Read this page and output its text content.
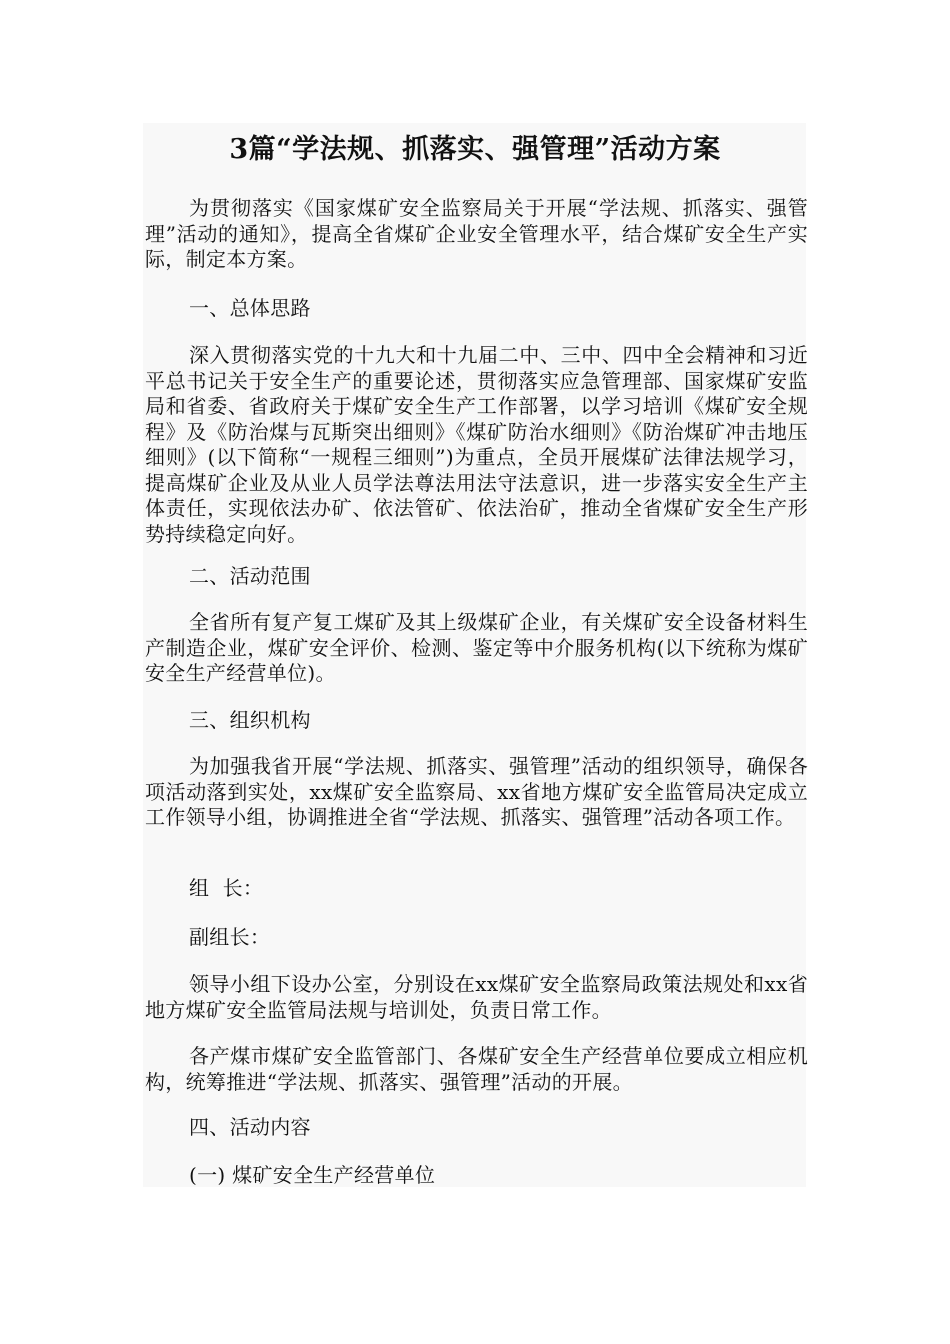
3篇“学法规、抓落实、强管理”活动方案

为贯彻落实《国家煤矿安全监察局关于开展“学法规、抓落实、强管理”活动的通知》，提高全省煤矿企业安全管理水平，结合煤矿安全生产实际，制定本方案。

一、总体思路

深入贯彻落实党的十九大和十九届二中、三中、四中全会精神和习近平总书记关于安全生产的重要论述，贯彻落实应急管理部、国家煤矿安监局和省委、省政府关于煤矿安全生产工作部署，以学习培训《煤矿安全规程》及《防治煤与瓦斯突出细则》《煤矿防治水细则》《防治煤矿冲击地压细则》(以下简称“一规程三细则”)为重点，全员开展煤矿法律法规学习，提高煤矿企业及从业人员学法尊法用法守法意识，进一步落实安全生产主体责任，实现依法办矿、依法管矿、依法治矿，推动全省煤矿安全生产形势持续稳定向好。

二、活动范围

全省所有复产复工煤矿及其上级煤矿企业，有关煤矿安全设备材料生产制造企业，煤矿安全评价、检测、鉴定等中介服务机构(以下统称为煤矿安全生产经营单位)。

三、组织机构

为加强我省开展“学法规、抓落实、强管理”活动的组织领导，确保各项活动落到实处，xx煤矿安全监察局、xx省地方煤矿安全监管局决定成立工作领导小组，协调推进全省“学法规、抓落实、强管理”活动各项工作。

组  长：

副组长：

领导小组下设办公室，分别设在xx煤矿安全监察局政策法规处和xx省地方煤矿安全监管局法规与培训处，负责日常工作。

各产煤市煤矿安全监管部门、各煤矿安全生产经营单位要成立相应机构，统筹推进“学法规、抓落实、强管理”活动的开展。

四、活动内容

(一) 煤矿安全生产经营单位
